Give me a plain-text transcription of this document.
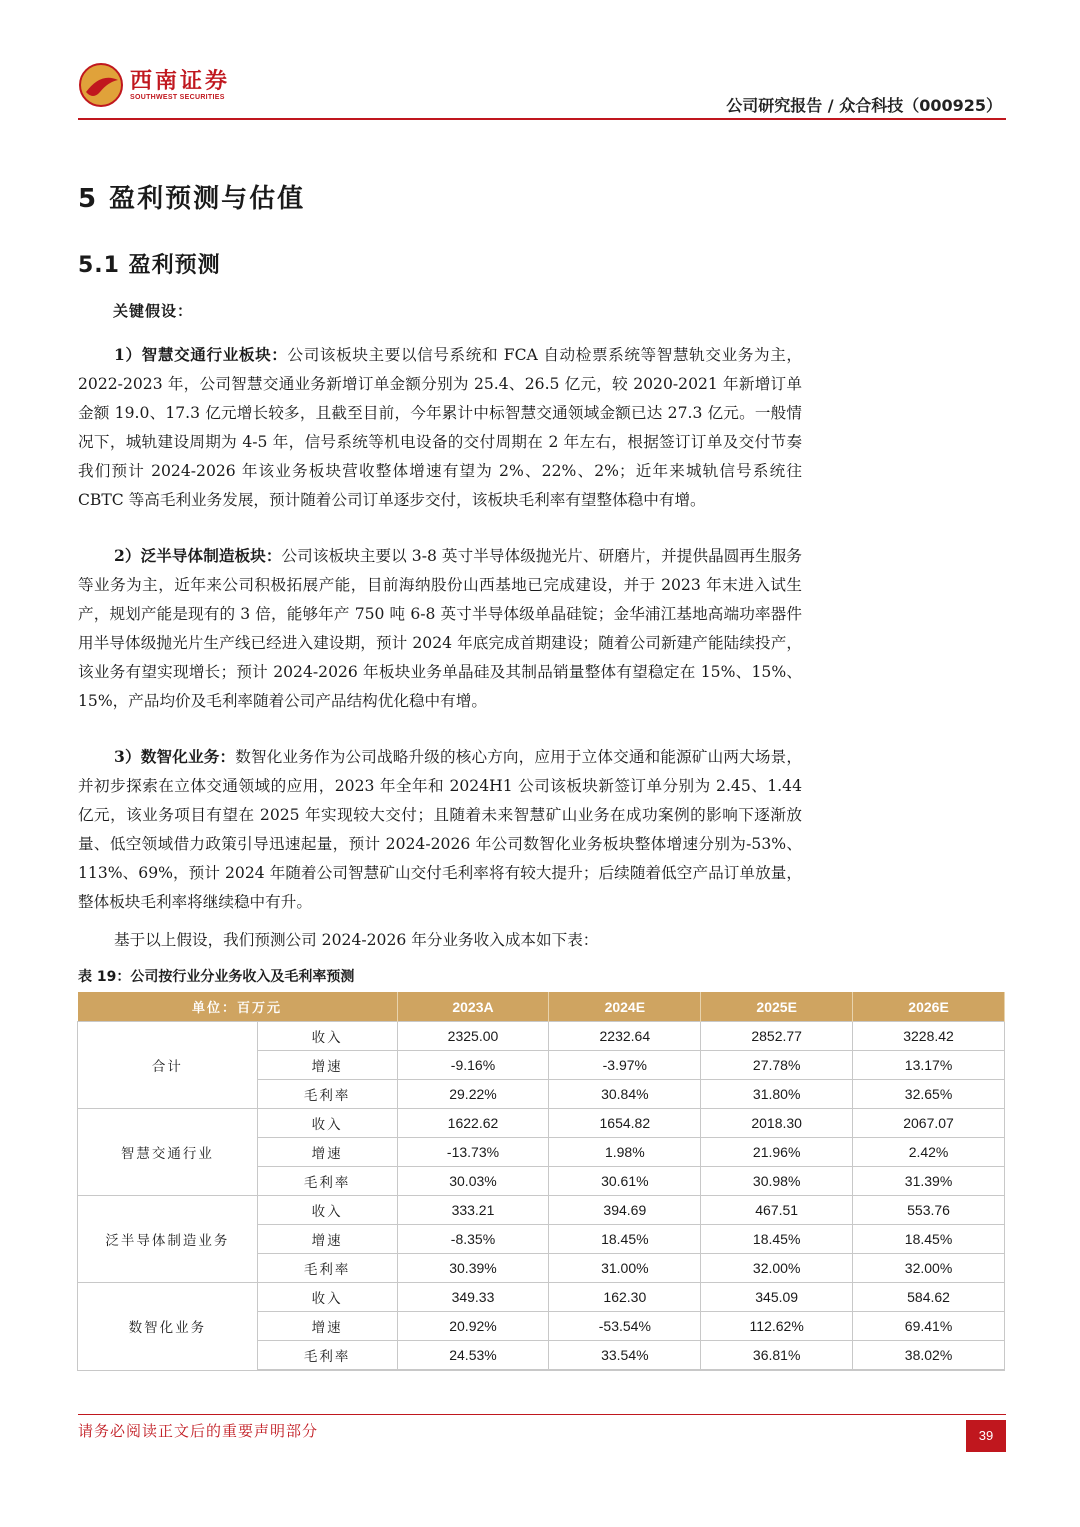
西南证券
SOUTHWEST SECURITIES	公司研究报告 / 众合科技（000925）
5 盈利预测与估值
5.1 盈利预测
关键假设：

1）智慧交通行业板块：公司该板块主要以信号系统和 FCA 自动检票系统等智慧轨交业务为主，2022-2023 年，公司智慧交通业务新增订单金额分别为 25.4、26.5 亿元，较 2020-2021 年新增订单金额 19.0、17.3 亿元增长较多，且截至目前，今年累计中标智慧交通领域金额已达 27.3 亿元。一般情况下，城轨建设周期为 4-5 年，信号系统等机电设备的交付周期在 2 年左右，根据签订订单及交付节奏我们预计 2024-2026 年该业务板块营收整体增速有望为 2%、22%、2%；近年来城轨信号系统往 CBTC 等高毛利业务发展，预计随着公司订单逐步交付，该板块毛利率有望整体稳中有增。

2）泛半导体制造板块：公司该板块主要以 3-8 英寸半导体级抛光片、研磨片，并提供晶圆再生服务等业务为主，近年来公司积极拓展产能，目前海纳股份山西基地已完成建设，并于 2023 年末进入试生产，规划产能是现有的 3 倍，能够年产 750 吨 6-8 英寸半导体级单晶硅锭；金华浦江基地高端功率器件用半导体级抛光片生产线已经进入建设期，预计 2024 年底完成首期建设；随着公司新建产能陆续投产，该业务有望实现增长；预计 2024-2026 年板块业务单晶硅及其制品销量整体有望稳定在 15%、15%、15%，产品均价及毛利率随着公司产品结构优化稳中有增。

3）数智化业务：数智化业务作为公司战略升级的核心方向，应用于立体交通和能源矿山两大场景，并初步探索在立体交通领域的应用，2023 年全年和 2024H1 公司该板块新签订单分别为 2.45、1.44 亿元，该业务项目有望在 2025 年实现较大交付；且随着未来智慧矿山业务在成功案例的影响下逐渐放量、低空领域借力政策引导迅速起量，预计 2024-2026 年公司数智化业务板块整体增速分别为-53%、113%、69%，预计 2024 年随着公司智慧矿山交付毛利率将有较大提升；后续随着低空产品订单放量，整体板块毛利率将继续稳中有升。

基于以上假设，我们预测公司 2024-2026 年分业务收入成本如下表：

表 19：公司按行业分业务收入及毛利率预测
单位：百万元		2023A	2024E	2025E	2026E
合计	收入	2325.00	2232.64	2852.77	3228.42
	增速	-9.16%	-3.97%	27.78%	13.17%
	毛利率	29.22%	30.84%	31.80%	32.65%
智慧交通行业	收入	1622.62	1654.82	2018.30	2067.07
	增速	-13.73%	1.98%	21.96%	2.42%
	毛利率	30.03%	30.61%	30.98%	31.39%
泛半导体制造业务	收入	333.21	394.69	467.51	553.76
	增速	-8.35%	18.45%	18.45%	18.45%
	毛利率	30.39%	31.00%	32.00%	32.00%
数智化业务	收入	349.33	162.30	345.09	584.62
	增速	20.92%	-53.54%	112.62%	69.41%
	毛利率	24.53%	33.54%	36.81%	38.02%
请务必阅读正文后的重要声明部分	39
